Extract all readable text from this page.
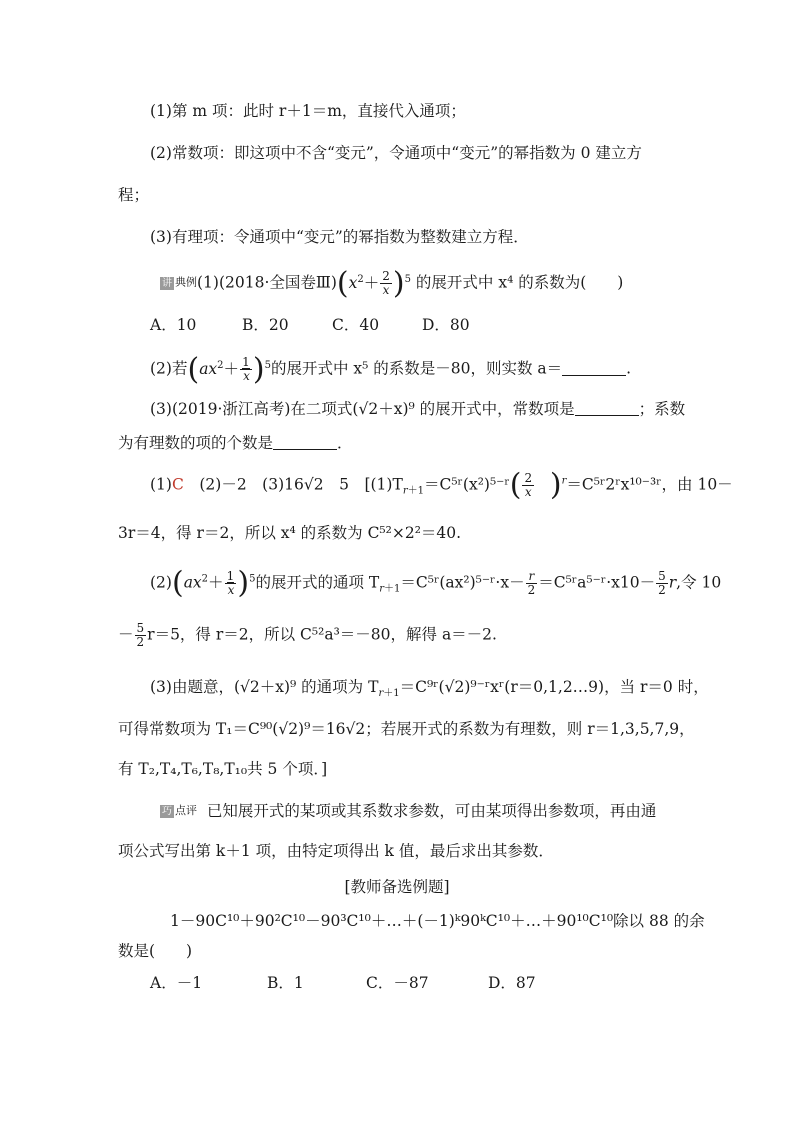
(1)第 m 项：此时 r＋1＝m，直接代入通项；
(2)常数项：即这项中不含“变元”，令通项中“变元”的幂指数为 0 建立方
程；
(3)有理项：令通项中“变元”的幂指数为整数建立方程．
讲 典例(1)(2018·全国卷$Ⅲ)(x^2+ \frac{2}{x} )^5$ 的展开式中 x⁴ 的系数为(　　)
A．10	B．20	C．40	D．80
(2)若$(ax^2+ \frac{1}{x} )^5$的展开式中 x⁵ 的系数是－80，则实数 a＝	.
(3)(2019·浙江高考)在二项式(√2＋x)⁹ 的展开式中，常数项是	；系数
为有理数的项的个数是	．
(1)C　 (2)－2　(3)16√2　5　[$(1)T_{r+1}=C^5ʳ(x^2)^{5-}ʳ( \frac{2}{x}$ )$^r$＝C⁵ʳ2ʳx¹⁰⁻³ʳ，由 10－
3r＝4，得 r＝2，所以 x⁴ 的系数为 C⁵²×2²＝40.
$(2)(ax^2+ \frac{1}{x} )^5$的展开式的通项 $T_{r+1}=C^5ʳ(ax^2)^{5-}ʳ\cdot x- \frac{r}{2}$ ＝C⁵ʳa⁵⁻ʳ·x10－ $\frac{5}{2} r$,令 10
－ $\frac{5}{2} r=5$，得 r＝2，所以 C⁵²a³＝－80，解得 a＝－2.
(3)由题意，(√2＋x)⁹ 的通项为 $T_{r+1}=C^9ʳ(√2)^{9-}ʳxʳ(r=0,1,2\dots 9)$，当 r＝0 时，
可得常数项为 T₁＝C⁹⁰(√2)⁹＝16√2；若展开式的系数为有理数，则 r＝1,3,5,7,9，
有 T₂,T₄,T₆,T₈,T₁₀共 5 个项．]
巧 点评 已知展开式的某项或其系数求参数，可由某项得出参数项，再由通
项公式写出第 k＋1 项，由特定项得出 k 值，最后求出其参数．
[教师备选例题]
1－90C¹⁰＋90²C¹⁰－90³C¹⁰＋…＋(－1)ᵏ90ᵏC¹⁰＋…＋90¹⁰C¹⁰除以 88 的余
数是(　　)
A．－1	B．1	C．－87	D．87
